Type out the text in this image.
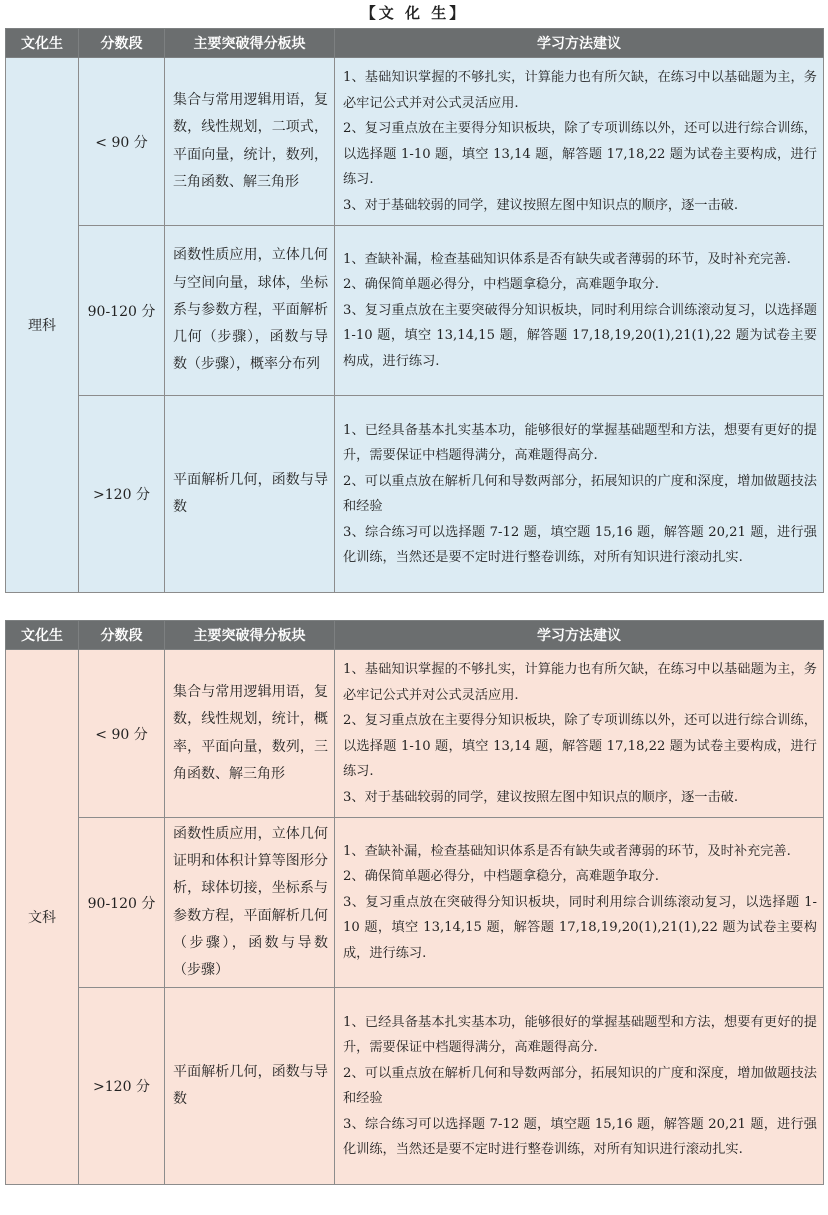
【文 化 生】
文化生	分数段	主要突破得分板块	学习方法建议
理科	< 90 分	集合与常用逻辑用语，复数，线性规划，二项式，平面向量，统计，数列，三角函数、解三角形	1、基础知识掌握的不够扎实，计算能力也有所欠缺，在练习中以基础题为主，务必牢记公式并对公式灵活应用.

2、复习重点放在主要得分知识板块，除了专项训练以外，还可以进行综合训练，以选择题 1-10 题，填空 13,14 题，解答题 17,18,22 题为试卷主要构成，进行练习.

3、对于基础较弱的同学，建议按照左图中知识点的顺序，逐一击破.

	90-120 分	函数性质应用，立体几何与空间向量，球体，坐标系与参数方程，平面解析几何（步骤），函数与导数（步骤），概率分布列	1、查缺补漏，检查基础知识体系是否有缺失或者薄弱的环节，及时补充完善.

2、确保简单题必得分，中档题拿稳分，高难题争取分.

3、复习重点放在主要突破得分知识板块，同时利用综合训练滚动复习，以选择题 1-10 题，填空 13,14,15 题，解答题 17,18,19,20(1),21(1),22 题为试卷主要构成，进行练习.

	>120 分	平面解析几何，函数与导数	1、已经具备基本扎实基本功，能够很好的掌握基础题型和方法，想要有更好的提升，需要保证中档题得满分，高难题得高分.

2、可以重点放在解析几何和导数两部分，拓展知识的广度和深度，增加做题技法和经验

3、综合练习可以选择题 7-12 题，填空题 15,16 题，解答题 20,21 题，进行强化训练，当然还是要不定时进行整卷训练，对所有知识进行滚动扎实.

文化生	分数段	主要突破得分板块	学习方法建议
文科	< 90 分	集合与常用逻辑用语，复数，线性规划，统计，概率，平面向量，数列，三角函数、解三角形	1、基础知识掌握的不够扎实，计算能力也有所欠缺，在练习中以基础题为主，务必牢记公式并对公式灵活应用.

2、复习重点放在主要得分知识板块，除了专项训练以外，还可以进行综合训练，以选择题 1-10 题，填空 13,14 题，解答题 17,18,22 题为试卷主要构成，进行练习.

3、对于基础较弱的同学，建议按照左图中知识点的顺序，逐一击破.

	90-120 分	函数性质应用，立体几何证明和体积计算等图形分析，球体切接，坐标系与参数方程，平面解析几何（步骤），函数与导数（步骤）	1、查缺补漏，检查基础知识体系是否有缺失或者薄弱的环节，及时补充完善.

2、确保简单题必得分，中档题拿稳分，高难题争取分.

3、复习重点放在突破得分知识板块，同时利用综合训练滚动复习，以选择题 1-10 题，填空 13,14,15 题，解答题 17,18,19,20(1),21(1),22 题为试卷主要构成，进行练习.

	>120 分	平面解析几何，函数与导数	1、已经具备基本扎实基本功，能够很好的掌握基础题型和方法，想要有更好的提升，需要保证中档题得满分，高难题得高分.

2、可以重点放在解析几何和导数两部分，拓展知识的广度和深度，增加做题技法和经验

3、综合练习可以选择题 7-12 题，填空题 15,16 题，解答题 20,21 题，进行强化训练，当然还是要不定时进行整卷训练，对所有知识进行滚动扎实.
